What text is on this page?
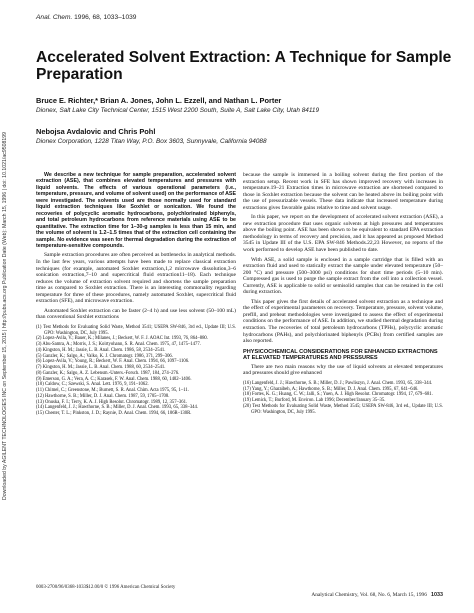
Downloaded by AGILENT TECHNOLOGIES INC on September 15, 2015 | http://pubs.acs.org Publication Date (Web): March 15, 1996 | doi: 10.1021/ac9508199
Anal. Chem. 1996, 68, 1033–1039
Accelerated Solvent Extraction: A Technique for Sample Preparation
Bruce E. Richter,* Brian A. Jones, John L. Ezzell, and Nathan L. Porter
Dionex, Salt Lake City Technical Center, 1515 West 2200 South, Suite A, Salt Lake City, Utah 84119
Nebojsa Avdalovic and Chris Pohl
Dionex Corporation, 1228 Titan Way, P.O. Box 3603, Sunnyvale, California 94088

We describe a new technique for sample preparation, accelerated solvent extraction (ASE), that combines elevated temperatures and pressures with liquid solvents. The effects of various operational parameters (i.e., temperature, pressure, and volume of solvent used) on the performance of ASE were investigated. The solvents used are those normally used for standard liquid extraction techniques like Soxhlet or sonication. We found the recoveries of polycyclic aromatic hydrocarbons, polychlorinated biphenyls, and total petroleum hydrocarbons from reference materials using ASE to be quantitative. The extraction time for 1–30-g samples is less than 15 min, and the volume of solvent is 1.2–1.5 times that of the extraction cell containing the sample. No evidence was seen for thermal degradation during the extraction of temperature-sensitive compounds.

Sample extraction procedures are often perceived as bottlenecks in analytical methods. In the last few years, various attempts have been made to replace classical extraction techniques (for example, automated Soxhlet extraction,1,2 microwave dissolution,3–6 sonication extraction,7–10 and supercritical fluid extraction11–18). Each technique reduces the volume of extraction solvent required and shortens the sample preparation time as compared to Soxhlet extraction. There is an interesting commonality regarding temperature for three of these procedures, namely automated Soxhlet, supercritical fluid extraction (SFE), and microwave extraction.

Automated Soxhlet extraction can be faster (2–4 h) and use less solvent (50–100 mL) than conventional Soxhlet extractions

(1) Test Methods for Evaluating Solid Waste, Method 3541; USEPA SW-846, 3rd ed., Update III; U.S. GPO: Washington, DC, July 1995.
(2) Lopez-Avila, V.; Bauer, K.; Milanes, J.; Beckert, W. F. J. AOAC Int. 1993, 76, 864–880.
(3) Abu-Samra, A.; Morris, J. S.; Koirtyohann, S. R. Anal. Chem. 1975, 47, 1475–1477.
(4) Kingston, H. M.; Jassie, L. B. Anal. Chem. 1986, 58, 2534–2541.
(5) Ganzler, K.; Salgo, A.; Valko, K. J. Chromatogr. 1986, 371, 299–306.
(6) Lopez-Avila, V.; Young, R.; Beckert, W. F. Anal. Chem. 1994, 66, 1097–1106.
(7) Kingston, H. M.; Jassie, L. B. Anal. Chem. 1988, 60, 2534–2541.
(8) Ganzler, K.; Salgo, A. Z. Lebensm.-Unters.-Forsch. 1987, 184, 274–276.
(9) Emerson, G. A.; Vera, A. C.; Karasek, F. W. Anal. Chem. 1988, 60, 1402–1406.
(10) Caldow, C.; Szewski, S. Anal. Lett. 1976, 9, 191–1062.
(11) Chimel, C.; Greenstone, M.; Burnett, S. R. Anal. Chim. Acta 1975, 95, 1–11.
(12) Hawthorne, S. B.; Miller, D. J. Anal. Chem. 1987, 59, 1705–1708.
(13) Onuska, F. I.; Terry, K. A. J. High Resolut. Chromatogr. 1989, 12, 357–361.
(14) Langenfeld, J. J.; Hawthorne, S. B.; Miller, D. J. Anal. Chem. 1993, 65, 338–344.
(15) Chester, T. L.; Pinkston, J. D.; Raynie, D. Anal. Chem. 1994, 66, 106R–130R.

because the sample is immersed in a boiling solvent during the first portion of the extraction setup. Recent work in SFE has shown improved recovery with increases in temperature.19–21 Extraction times in microwave extraction are shortened compared to those in Soxhlet extraction because the solvent can be heated above its boiling point with the use of pressurizable vessels. These data indicate that increased temperature during extractions gives favorable gains relative to time and solvent usage.

In this paper, we report on the development of accelerated solvent extraction (ASE), a new extraction procedure that uses organic solvents at high pressures and temperatures above the boiling point. ASE has been shown to be equivalent to standard EPA extraction methodology in terms of recovery and precision, and it has appeared as proposed Method 3545 in Update III of the U.S. EPA SW-846 Methods.22,23 However, no reports of the work performed to develop ASE have been published to date.

With ASE, a solid sample is enclosed in a sample cartridge that is filled with an extraction fluid and used to statically extract the sample under elevated temperature (50–200 °C) and pressure (500–3000 psi) conditions for short time periods (5–10 min). Compressed gas is used to purge the sample extract from the cell into a collection vessel. Currently, ASE is applicable to solid or semisolid samples that can be retained in the cell during extraction.

This paper gives the first details of accelerated solvent extraction as a technique and the effect of experimental parameters on recovery. Temperature, pressure, solvent volume, preflll, and preheat methodologies were investigated to assess the effect of experimental conditions on the performance of ASE. In addition, we studied thermal degradation during extraction. The recoveries of total petroleum hydrocarbons (TPHs), polycyclic aromatic hydrocarbons (PAHs), and polychlorinated biphenyls (PCBs) from certified samples are also reported.

PHYSICOCHEMICAL CONSIDERATIONS FOR ENHANCED EXTRACTIONS AT ELEVATED TEMPERATURES AND PRESSURES

There are two main reasons why the use of liquid solvents at elevated temperatures and pressures should give enhanced

(16) Langenfeld, J. J.; Hawthorne, S. B.; Miller, D. J.; Pawliszyn, J. Anal. Chem. 1993, 65, 338–344.
(17) Yang, Y.; Gharaibeh, A.; Hawthorne, S. B.; Miller, D. J. Anal. Chem. 1995, 67, 641–646.
(18) Fortes, K. G.; Huang, C. W.; Jalli, S.; Yuen, A. J. High Resolut. Chromatogr. 1994, 17, 679–681.
(19) Lemick, T.; Burford, M. Environ. Lab 1996; December/January 35–35.
(20) Test Methods for Evaluating Solid Waste, Method 3545; USEPA SW-846, 3rd ed., Update III; U.S. GPO: Washington, DC, July 1995.
0003-2700/96/0368-1033$12.00/0 © 1996 American Chemical Society
Analytical Chemistry, Vol. 68, No. 6, March 15, 1996 1033
